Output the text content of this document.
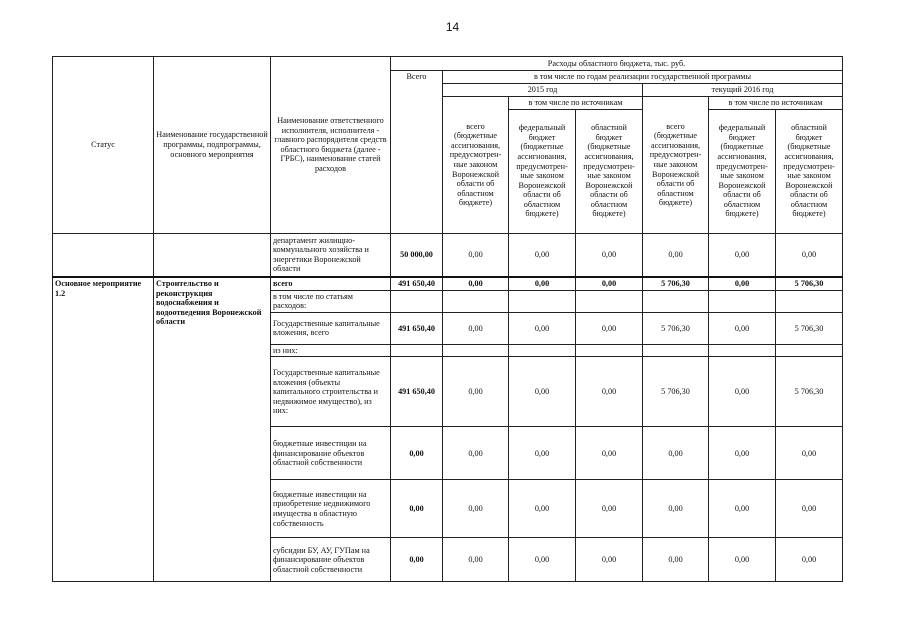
14
Статус	Наименование государственной программы, подпрограммы, основного мероприятия	Наименование ответственного исполнителя, исполнителя - главного распорядителя средств областного бюджета (далее - ГРБС), наименование статей расходов	Расходы областного бюджета, тыс. руб.						
			Всего	в том числе по годам реализации государственной программы					
				2015 год			текущий 2016 год		
				всего (бюджетные ассигнования, предусмотрен-ные законом Воронежской области об областном бюджете)	в том числе по источникам		всего (бюджетные ассигнования, предусмотрен-ные законом Воронежской области об областном бюджете)	в том числе по источникам	
					федеральный бюджет (бюджетные ассигнования, предусмотрен-ные законом Воронежской области об областном бюджете)	областной бюджет (бюджетные ассигнования, предусмотрен-ные законом Воронежской области об областном бюджете)		федеральный бюджет (бюджетные ассигнования, предусмотрен-ные законом Воронежской области об областном бюджете)	областной бюджет (бюджетные ассигнования, предусмотрен-ные законом Воронежской области об областном бюджете)
		департамент жилищно-коммунального хозяйства и энергетики Воронежской области	50 000,00	0,00	0,00	0,00	0,00	0,00	0,00
Основное мероприятие 1.2	Строительство и реконструкция водоснабжения и водоотведения Воронежской области	всего	491 650,40	0,00	0,00	0,00	5 706,30	0,00	5 706,30
		в том числе по статьям расходов:							
		Государственные капитальные вложения, всего	491 650,40	0,00	0,00	0,00	5 706,30	0,00	5 706,30
		из них:							
		Государственные капитальные вложения (объекты капитального строительства и недвижимое имущество), из них:	491 650,40	0,00	0,00	0,00	5 706,30	0,00	5 706,30
		бюджетные инвестиции на финансирование объектов областной собственности	0,00	0,00	0,00	0,00	0,00	0,00	0,00
		бюджетные инвестиции на приобретение недвижимого имущества в областную собственность	0,00	0,00	0,00	0,00	0,00	0,00	0,00
		субсидии БУ, АУ, ГУПам на финансирование объектов областной собственности	0,00	0,00	0,00	0,00	0,00	0,00	0,00
